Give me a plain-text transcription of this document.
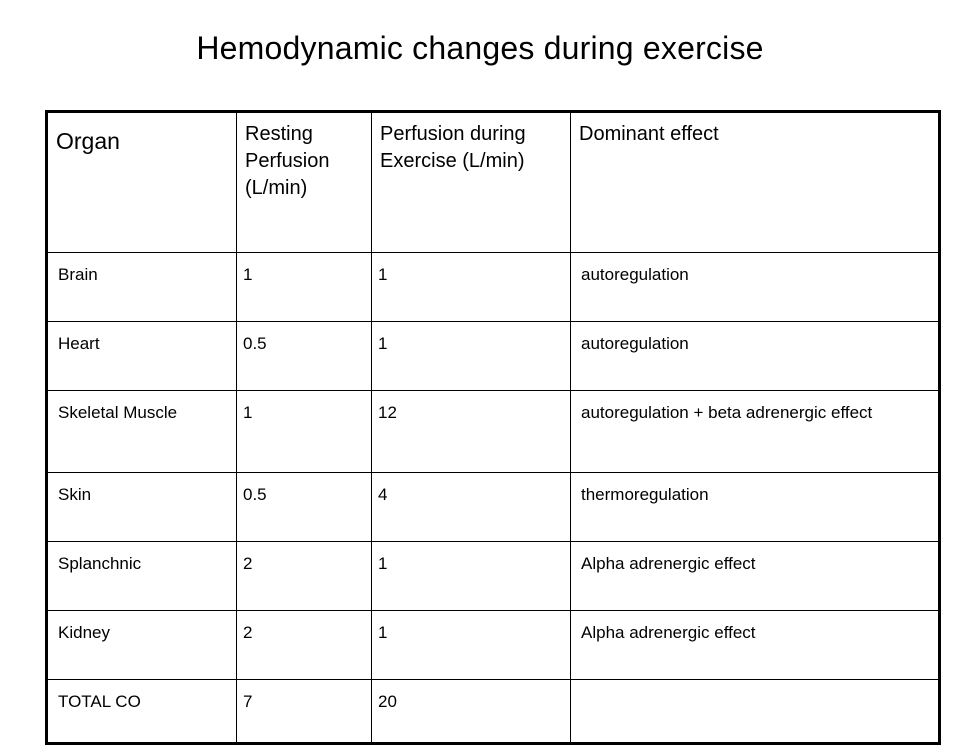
Hemodynamic changes during exercise
Organ	Resting Perfusion (L/min)	Perfusion during Exercise (L/min)	Dominant effect
Brain	1	1	autoregulation
Heart	0.5	1	autoregulation
Skeletal Muscle	1	12	autoregulation + beta adrenergic effect
Skin	0.5	4	thermoregulation
Splanchnic	2	1	Alpha adrenergic effect
Kidney	2	1	Alpha adrenergic effect
TOTAL CO	7	20	
